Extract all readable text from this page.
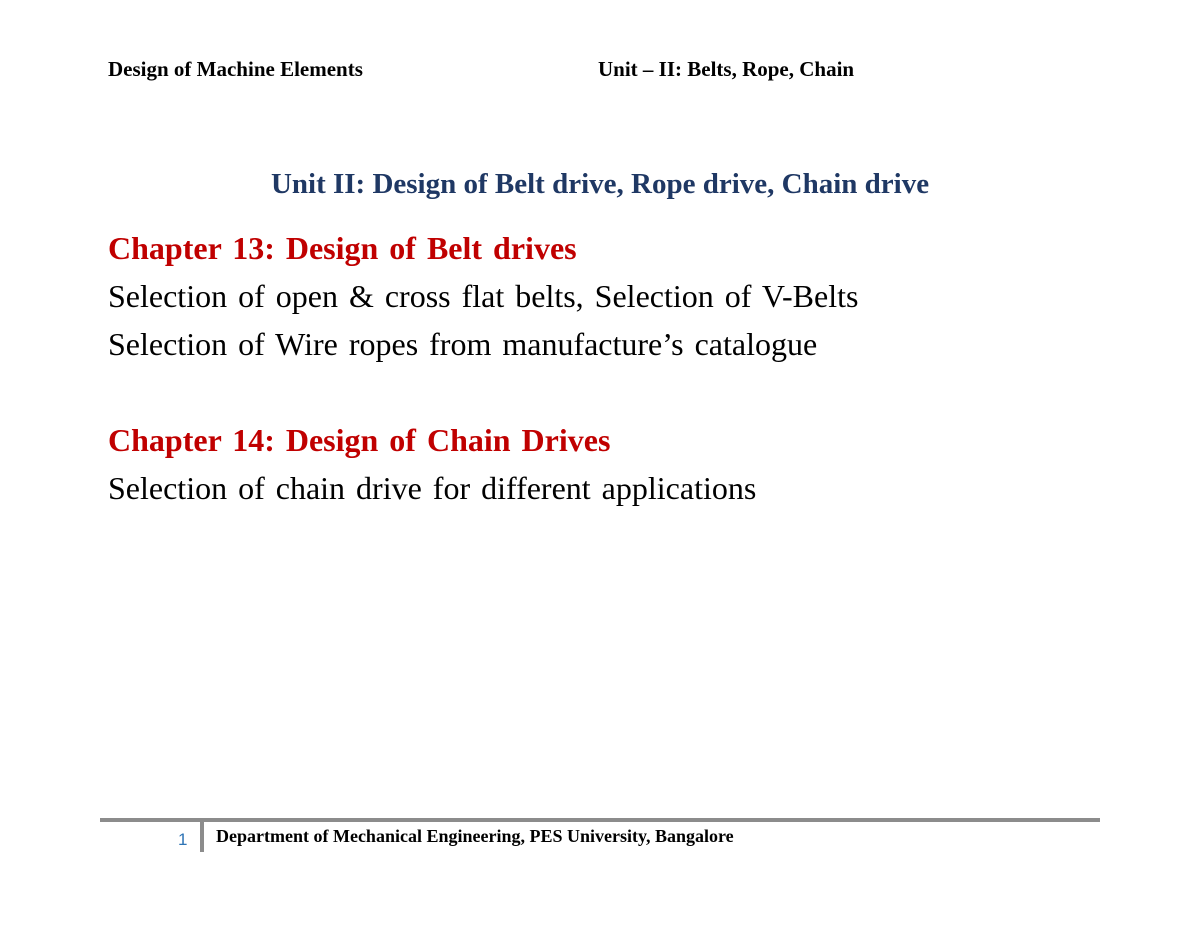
Design of Machine Elements	Unit – II: Belts, Rope, Chain
Unit II: Design of Belt drive, Rope drive, Chain drive
Chapter 13: Design of Belt drives
Selection of open & cross flat belts, Selection of V-Belts
Selection of Wire ropes from manufacture’s catalogue
Chapter 14: Design of Chain Drives
Selection of chain drive for different applications
1 Department of Mechanical Engineering, PES University, Bangalore
